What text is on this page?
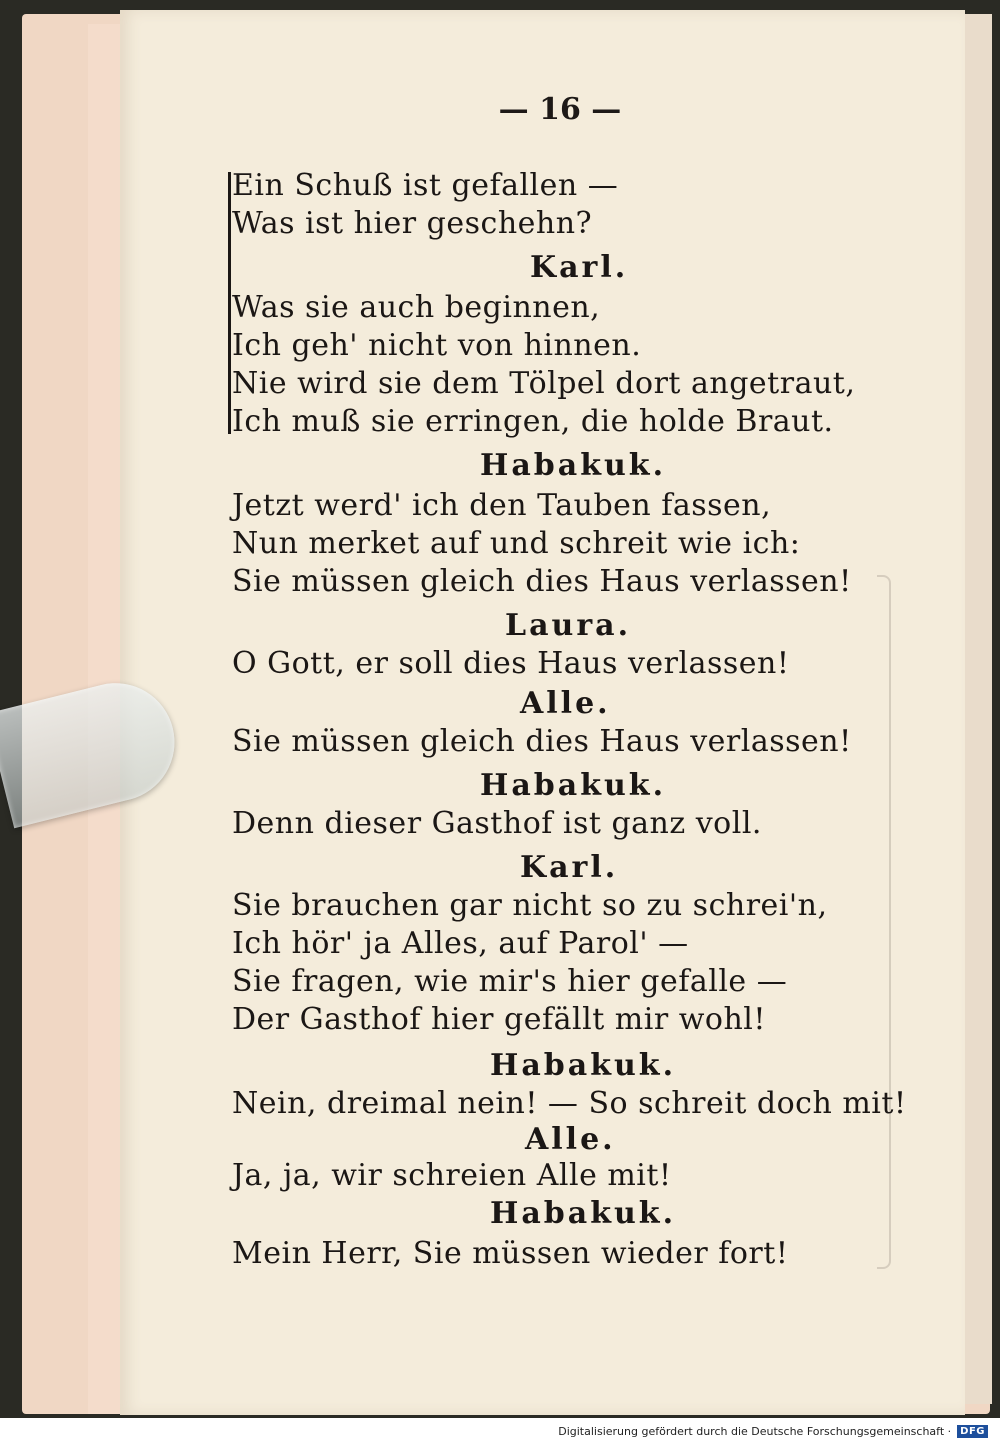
— 16 —
Ein Schuß ist gefallen —
Was ist hier geschehn?
Karl.
Was sie auch beginnen,
Ich geh' nicht von hinnen.
Nie wird sie dem Tölpel dort angetraut,
Ich muß sie erringen, die holde Braut.
Habakuk.
Jetzt werd' ich den Tauben fassen,
Nun merket auf und schreit wie ich:
Sie müssen gleich dies Haus verlassen!
Laura.
O Gott, er soll dies Haus verlassen!
Alle.
Sie müssen gleich dies Haus verlassen!
Habakuk.
Denn dieser Gasthof ist ganz voll.
Karl.
Sie brauchen gar nicht so zu schrei'n,
Ich hör' ja Alles, auf Parol' —
Sie fragen, wie mir's hier gefalle —
Der Gasthof hier gefällt mir wohl!
Habakuk.
Nein, dreimal nein! — So schreit doch mit!
Alle.
Ja, ja, wir schreien Alle mit!
Habakuk.
Mein Herr, Sie müssen wieder fort!
Digitalisierung gefördert durch die Deutsche Forschungsgemeinschaft · DFG
